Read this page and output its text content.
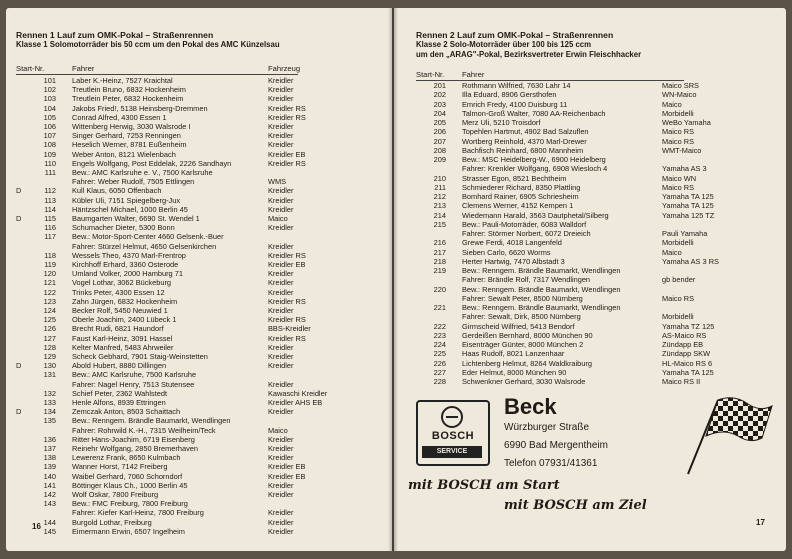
Rennen 1 Lauf zum OMK-Pokal – Straßenrennen
Klasse 1 Solomotorräder bis 50 ccm um den Pokal des AMC Künzelsau
Start-Nr.	Fahrer	Fahrzeug
101 Laber K.-Heinz, 7527 Kraichtal	Kreidler
102 Treutlein Bruno, 6832 Hockenheim	Kreidler
103 Treutlein Peter, 6832 Hockenheim	Kreidler
104 Jakobs Fried!, 5138 Heinsberg-Dremmen	Kreidler RS
105 Conrad Alfred, 4300 Essen 1	Kreidler RS
106 Wittenberg Herwig, 3030 Walsrode I	Kreidler
107 Singer Gerhard, 7253 Renningen	Kreidler
108 Heselich Werner, 8781 Eußenheim	Kreidler
109 Weber Anton, 8121 Wielenbach	Kreidler EB
110 Engels Wolfgang, Post Eddelak, 2226 Sandhayn	Kreidler RS
111 Bew.: AMC Karlsruhe e. V., 7500 Karlsruhe
Fahrer: Weber Rudolf, 7505 Ettlingen	WMS
D	112 Kull Klaus, 6050 Offenbach	Kreidler
113 Kübler Uli, 7151 Spiegelberg-Jux	Kreidler
114 Häntzschel Michael, 1000 Berlin 45	Kreidler
D	115 Baumgarten Walter, 6690 St. Wendel 1	Maico
116 Schumacher Dieter, 5300 Bonn	Kreidler
117 Bew.: Motor-Sport-Center 4660 Gelsenk.-Buer
Fahrer: Stürzel Helmut, 4650 Gelsenkirchen	Kreidler
118 Wessels Theo, 4370 Marl-Frentrop	Kreidler RS
119 Kirchhoff Erhard, 3360 Osterode	Kreidler EB
120 Umland Volker, 2000 Hamburg 71	Kreidler
121 Vogel Lothar, 3062 Bückeburg	Kreidler
122 Trinks Peter, 4300 Essen 12	Kreidler
123 Zahn Jürgen, 6832 Hockenheim	Kreidler RS
124 Becker Rolf, 5450 Neuwied 1	Kreidler
125 Oberle Joachim, 2400 Lübeck 1	Kreidler RS
126 Brecht Rudi, 6821 Haundorf	BBS-Kreidler
127 Faust Karl-Heinz, 3091 Hassel	Kreidler RS
128 Kelter Manfred, 5483 Ahrweiler	Kreidler
129 Scheck Gebhard, 7901 Staig-Weinstetten	Kreidler
D	130 Abold Hubert, 8880 Dillingen	Kreidler
131 Bew.: AMC Karlsruhe, 7500 Karlsruhe
Fahrer: Nagel Henry, 7513 Stutensee	Kreidler
132 Schief Peter, 2362 Wahlstedt	Kawaschi Kreidler
133 Henle Alfons, 8939 Ettringen	Kreidler AHS EB
D	134 Zemczak Anton, 8503 Schaittach	Kreidler
135 Bew.: Renngem. Brändle Baumarkt, Wendlingen
Fahrer: Rohrwild K.-H., 7315 Weilheim/Teck	Maico
136 Ritter Hans-Joachim, 6719 Eisenberg	Kreidler
137 Reinehr Wolfgang, 2850 Bremerhaven	Kreidler
138 Lewerenz Frank, 8650 Kulmbach	Kreidler
139 Wanner Horst, 7142 Freiberg	Kreidler EB
140 Waibel Gerhard, 7060 Schorndorf	Kreidler EB
141 Böttinger Klaus Ch., 1000 Berlin 45	Kreidler
142 Wolf Oskar, 7800 Freiburg	Kreidler
143 Bew.: FMC Freiburg, 7800 Freiburg
Fahrer: Kiefer Karl-Heinz, 7800 Freiburg	Kreidler
144 Burgold Lothar, Freiburg	Kreidler
145 Eimermann Erwin, 6507 Ingelheim	Kreidler
16
Rennen 2 Lauf zum OMK-Pokal – Straßenrennen
Klasse 2 Solo-Motorräder über 100 bis 125 ccm
um den „ARAG"-Pokal, Bezirksvertreter Erwin Fleischhacker
Start-Nr. Fahrer
201 Rothmann Wilfried, 7630 Lahr 14	Maico SRS
202 Illa Eduard, 8906 Gersthofen	WN-Maico
203 Emrich Fredy, 4100 Duisburg 11	Maico
204 Talmon-Groß Walter, 7080 AA-Reichenbach	Morbidelli
205 Merz Uli, 5210 Troisdorf	WeBo Yamaha
206 Topehlen Hartmut, 4902 Bad Salzuflen	Maico RS
207 Wortberg Reinhold, 4370 Marl-Drewer	Maico RS
208 Bachfisch Reinhard, 6800 Mannheim	WMT-Maico
209 Bew.: MSC Heidelberg-W., 6900 Heidelberg
Fahrer: Krenkler Wolfgang, 6908 Wiesloch 4	Yamaha AS 3
210 Strasser Egon, 8521 Bechtheim	Maico WN
211 Schmiederer Richard, 8350 Plattling	Maico RS
212 Bomhard Rainer, 6905 Schriesheim	Yamaha TA 125
213 Clemens Werner, 4152 Kempen 1	Yamaha TA 125
214 Wiedemann Harald, 3563 Dautphetal/Silberg	Yamaha 125 TZ
215 Bew.: Pauli-Motorräder, 6083 Walldorf
Fahrer: Störmer Norbert, 6072 Dreieich	Pauli Yamaha
216 Grewe Ferdi, 4018 Langenfeld	Morbidelli
217 Sieben Carlo, 6620 Worms	Maico
218 Herter Hartwig, 7470 Albstadt 3	Yamaha AS 3 RS
219 Bew.: Renngem. Brändle Baumarkt, Wendlingen
Fahrer: Brändle Rolf, 7317 Wendlingen	gb bender
220 Bew.: Renngem. Brändle Baumarkt, Wendlingen
Fahrer: Sewalt Peter, 8500 Nürnberg	Maico RS
221 Bew.: Renngem. Brändle Baumarkt, Wendlingen
Fahrer: Sewalt, Dirk, 8500 Nürnberg	Morbidelli
222 Girmscheid Wilfried, 5413 Bendorf	Yamaha TZ 125
223 Gerdeißen Bernhard, 8000 München 90	AS-Maico RS
224 Eisenträger Günter, 8000 München 2	Zündapp EB
225 Haas Rudolf, 8021 Lanzenhaar	Zündapp SKW
226 Lichtenberg Helmut, 8264 Waldkraiburg	HL-Maico RS 6
227 Eder Helmut, 8000 München 90	Yamaha TA 125
228 Schwenkner Gerhard, 3030 Walsrode	Maico RS II
BOSCH
SERVICE
Beck
Würzburger Straße
6990 Bad Mergentheim
Telefon 07931/41361
mit BOSCH am Start
mit BOSCH am Ziel
17
